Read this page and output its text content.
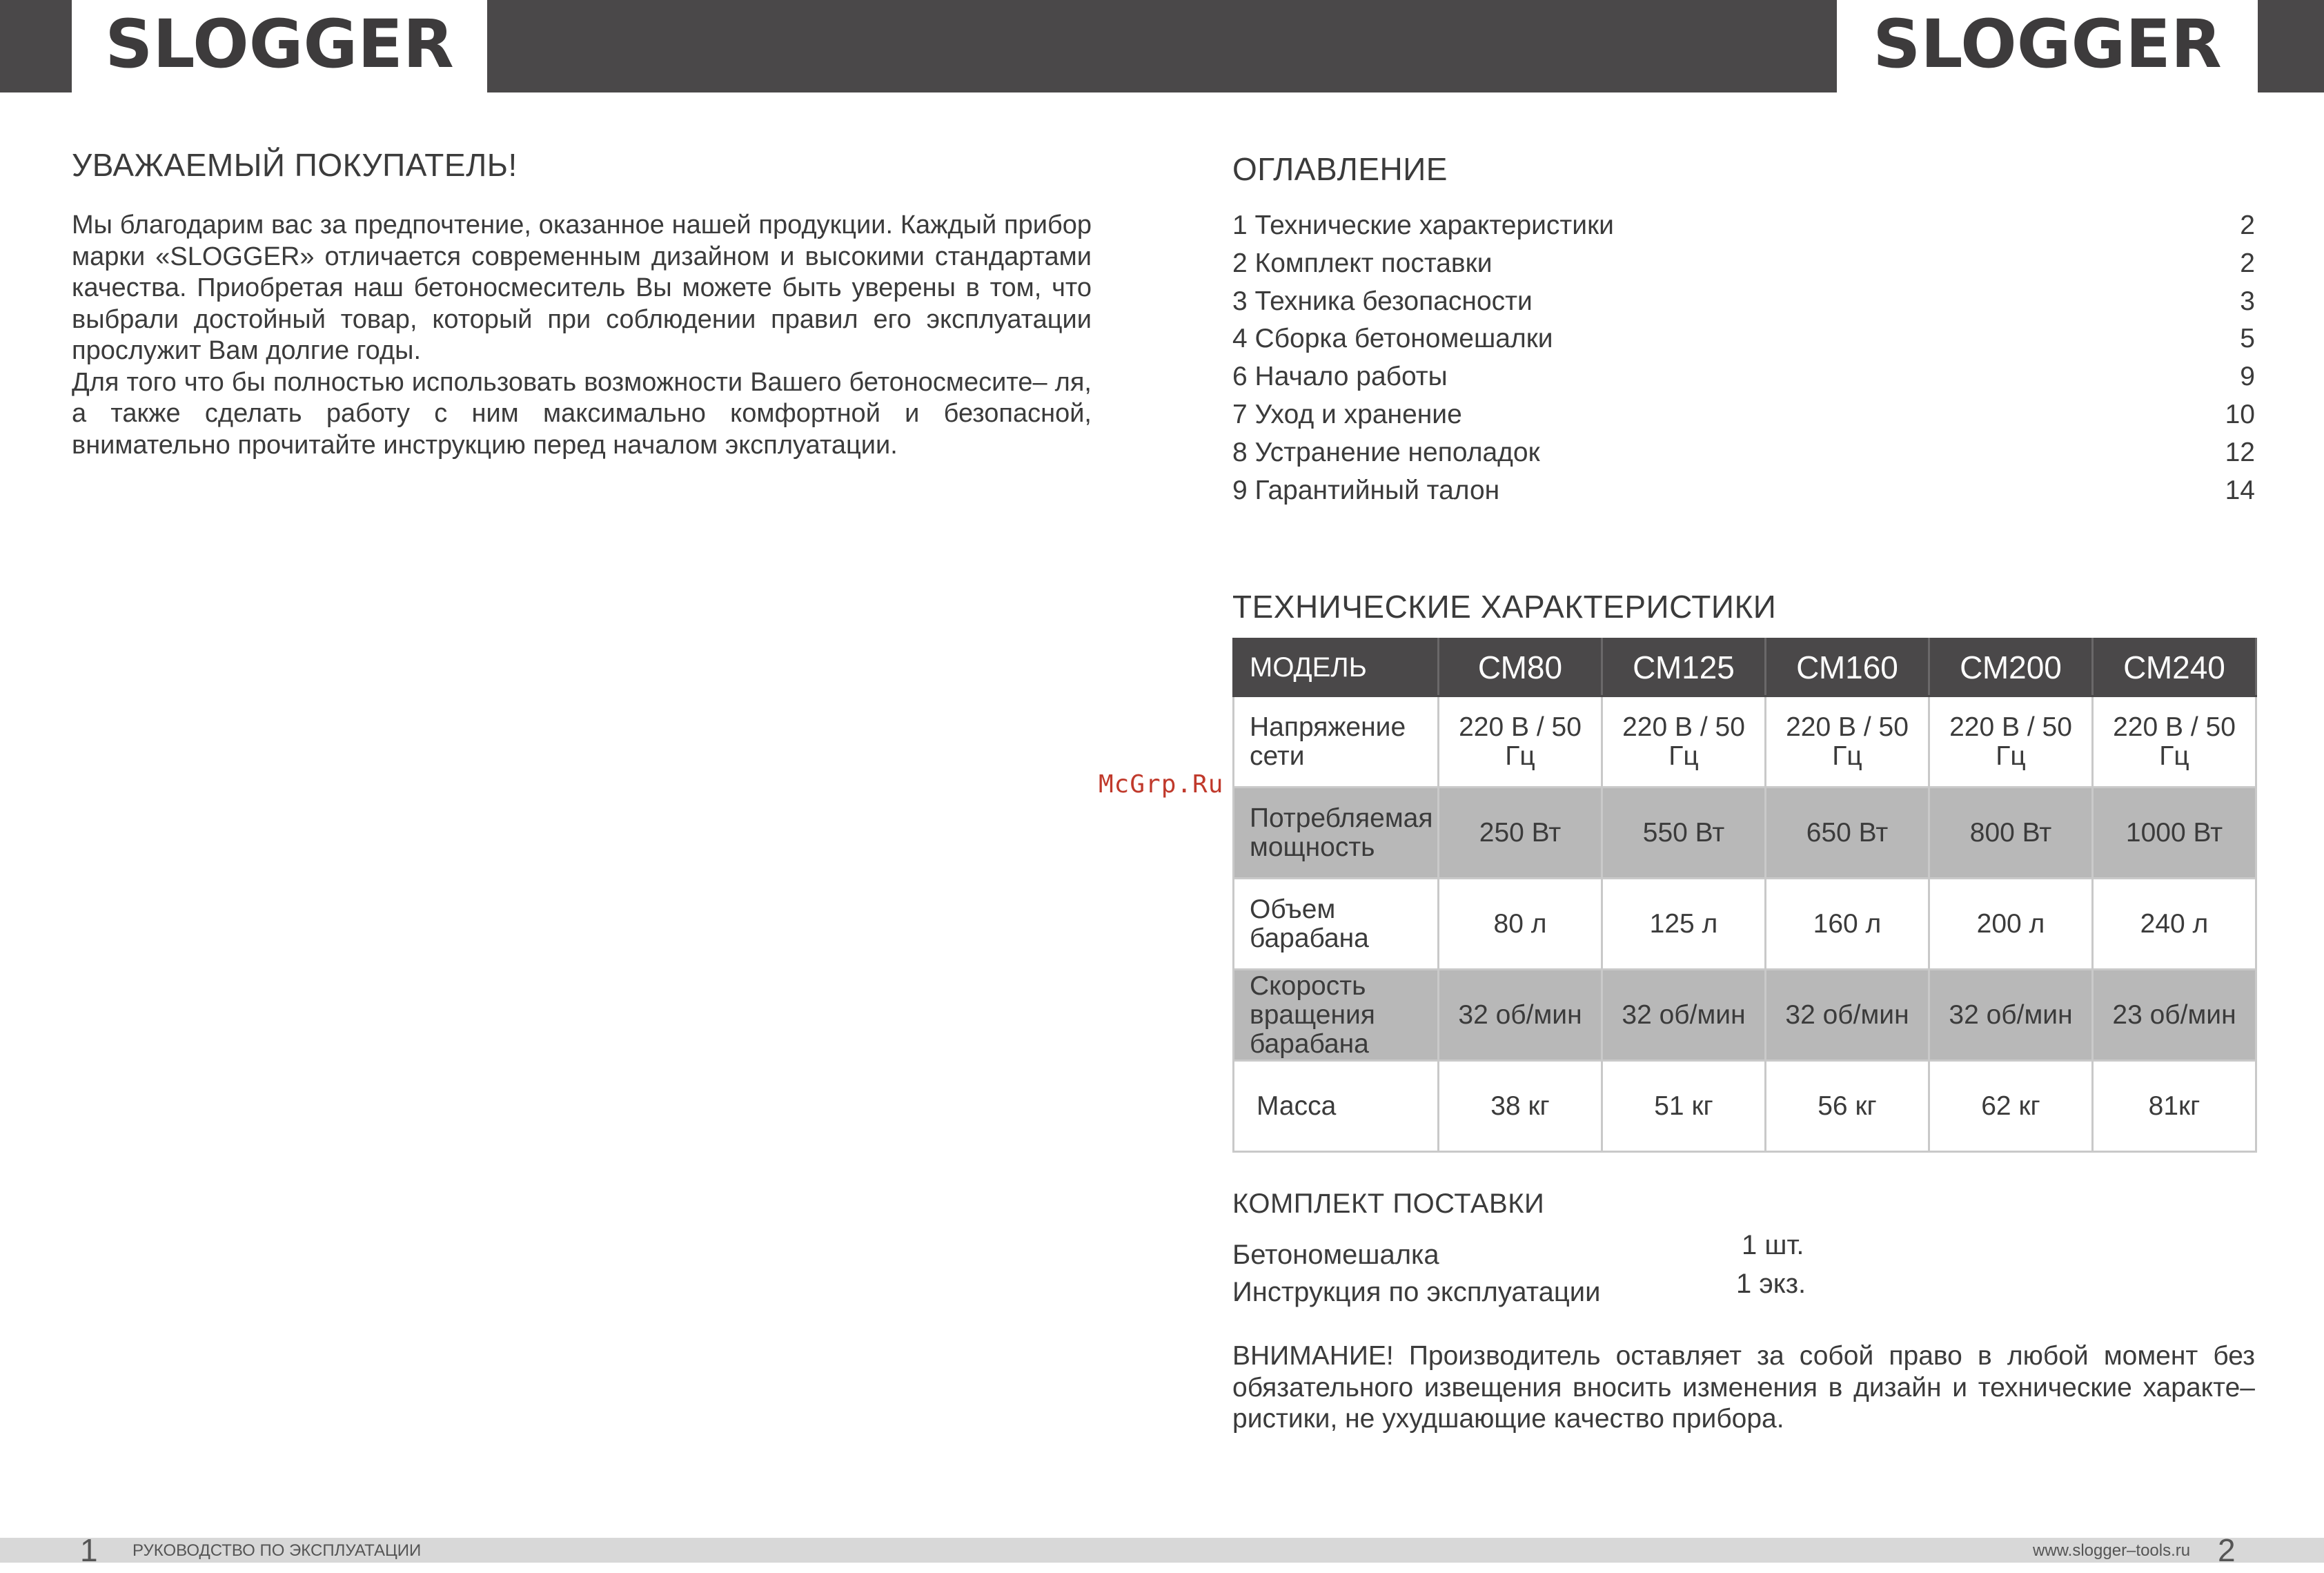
SLOGGER	SLOGGER
УВАЖАЕМЫЙ ПОКУПАТЕЛЬ!

Мы благодарим вас за предпочтение, оказанное нашей продукции. Каждый прибор марки «SLOGGER» отличается современным дизайном и высокими стандартами качества. Приобретая наш бетоносмеситель Вы можете быть уверены в том, что выбрали достойный товар, который при соблюдении правил его эксплуатации прослужит Вам долгие годы.

Для того что бы полностью использовать возможности Вашего бетоносмесите– ля, а также сделать работу с ним максимально комфортной и безопасной, внимательно прочитайте инструкцию перед началом эксплуатации.

McGrp.Ru
ОГЛАВЛЕНИЕ
1 Технические характеристики	2
2 Комплект поставки	2
3 Техника безопасности	3
4 Сборка бетономешалки	5
6 Начало работы	9
7 Уход и хранение	10
8 Устранение неполадок	12
9 Гарантийный талон	14
ТЕХНИЧЕСКИЕ ХАРАКТЕРИСТИКИ
МОДЕЛЬ	СМ80	СМ125	СМ160	СМ200	СМ240
Напряжение сети	220 В / 50 Гц	220 В / 50 Гц	220 В / 50 Гц	220 В / 50 Гц	220 В / 50 Гц
Потребляемая мощность	250 Вт	550 Вт	650 Вт	800 Вт	1000 Вт
Объем барабана	80 л	125 л	160 л	200 л	240 л
Скорость вращения барабана	32 об/мин	32 об/мин	32 об/мин	32 об/мин	23 об/мин
Масса	38 кг	51 кг	56 кг	62 кг	81кг
КОМПЛЕКТ ПОСТАВКИ
Бетономешалка	1 шт.
Инструкция по эксплуатации	1 экз.
ВНИМАНИЕ! Производитель оставляет за собой право в любой момент без обязательного извещения вносить изменения в дизайн и технические характе– ристики, не ухудшающие качество прибора.
1 РУКОВОДСТВО ПО ЭКСПЛУАТАЦИИ	www.slogger–tools.ru 2
